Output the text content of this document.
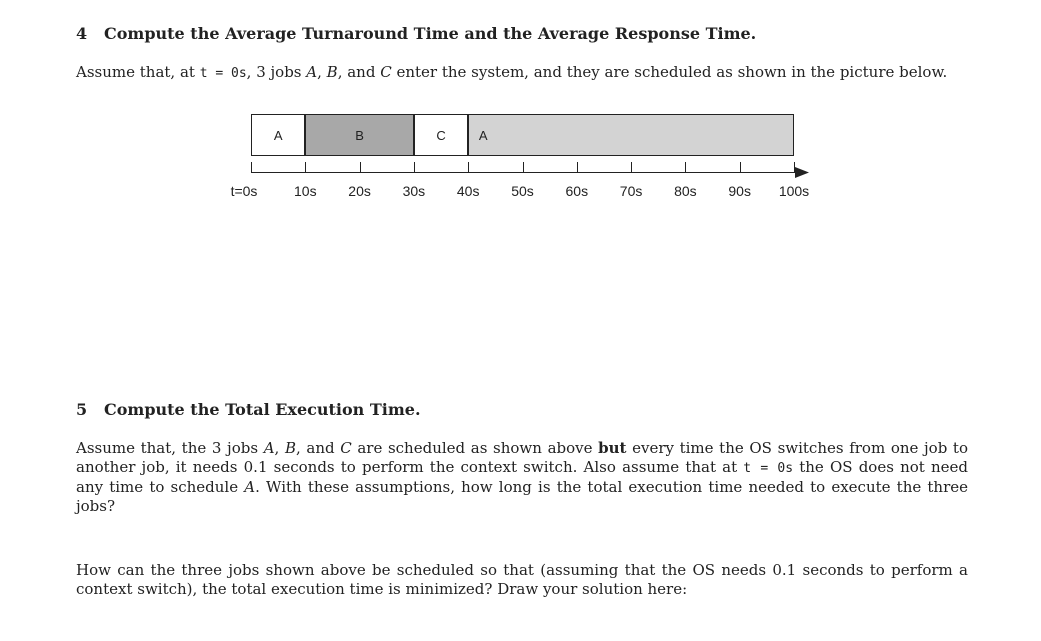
4 Compute the Average Turnaround Time and the Average Response Time.
Assume that, at t = 0s, 3 jobs A, B, and C enter the system, and they are scheduled as shown in the picture below.
A	B	C	A
t=0s	10s 20s 30s 40s 50s 60s 70s 80s 90s 100s
5 Compute the Total Execution Time.
Assume that, the 3 jobs A, B, and C are scheduled as shown above but every time the OS switches from one job to another job, it needs 0.1 seconds to perform the context switch. Also assume that at t = 0s the OS does not need any time to schedule A. With these assumptions, how long is the total execution time needed to execute the three jobs?
How can the three jobs shown above be scheduled so that (assuming that the OS needs 0.1 seconds to perform a context switch), the total execution time is minimized? Draw your solution here:
